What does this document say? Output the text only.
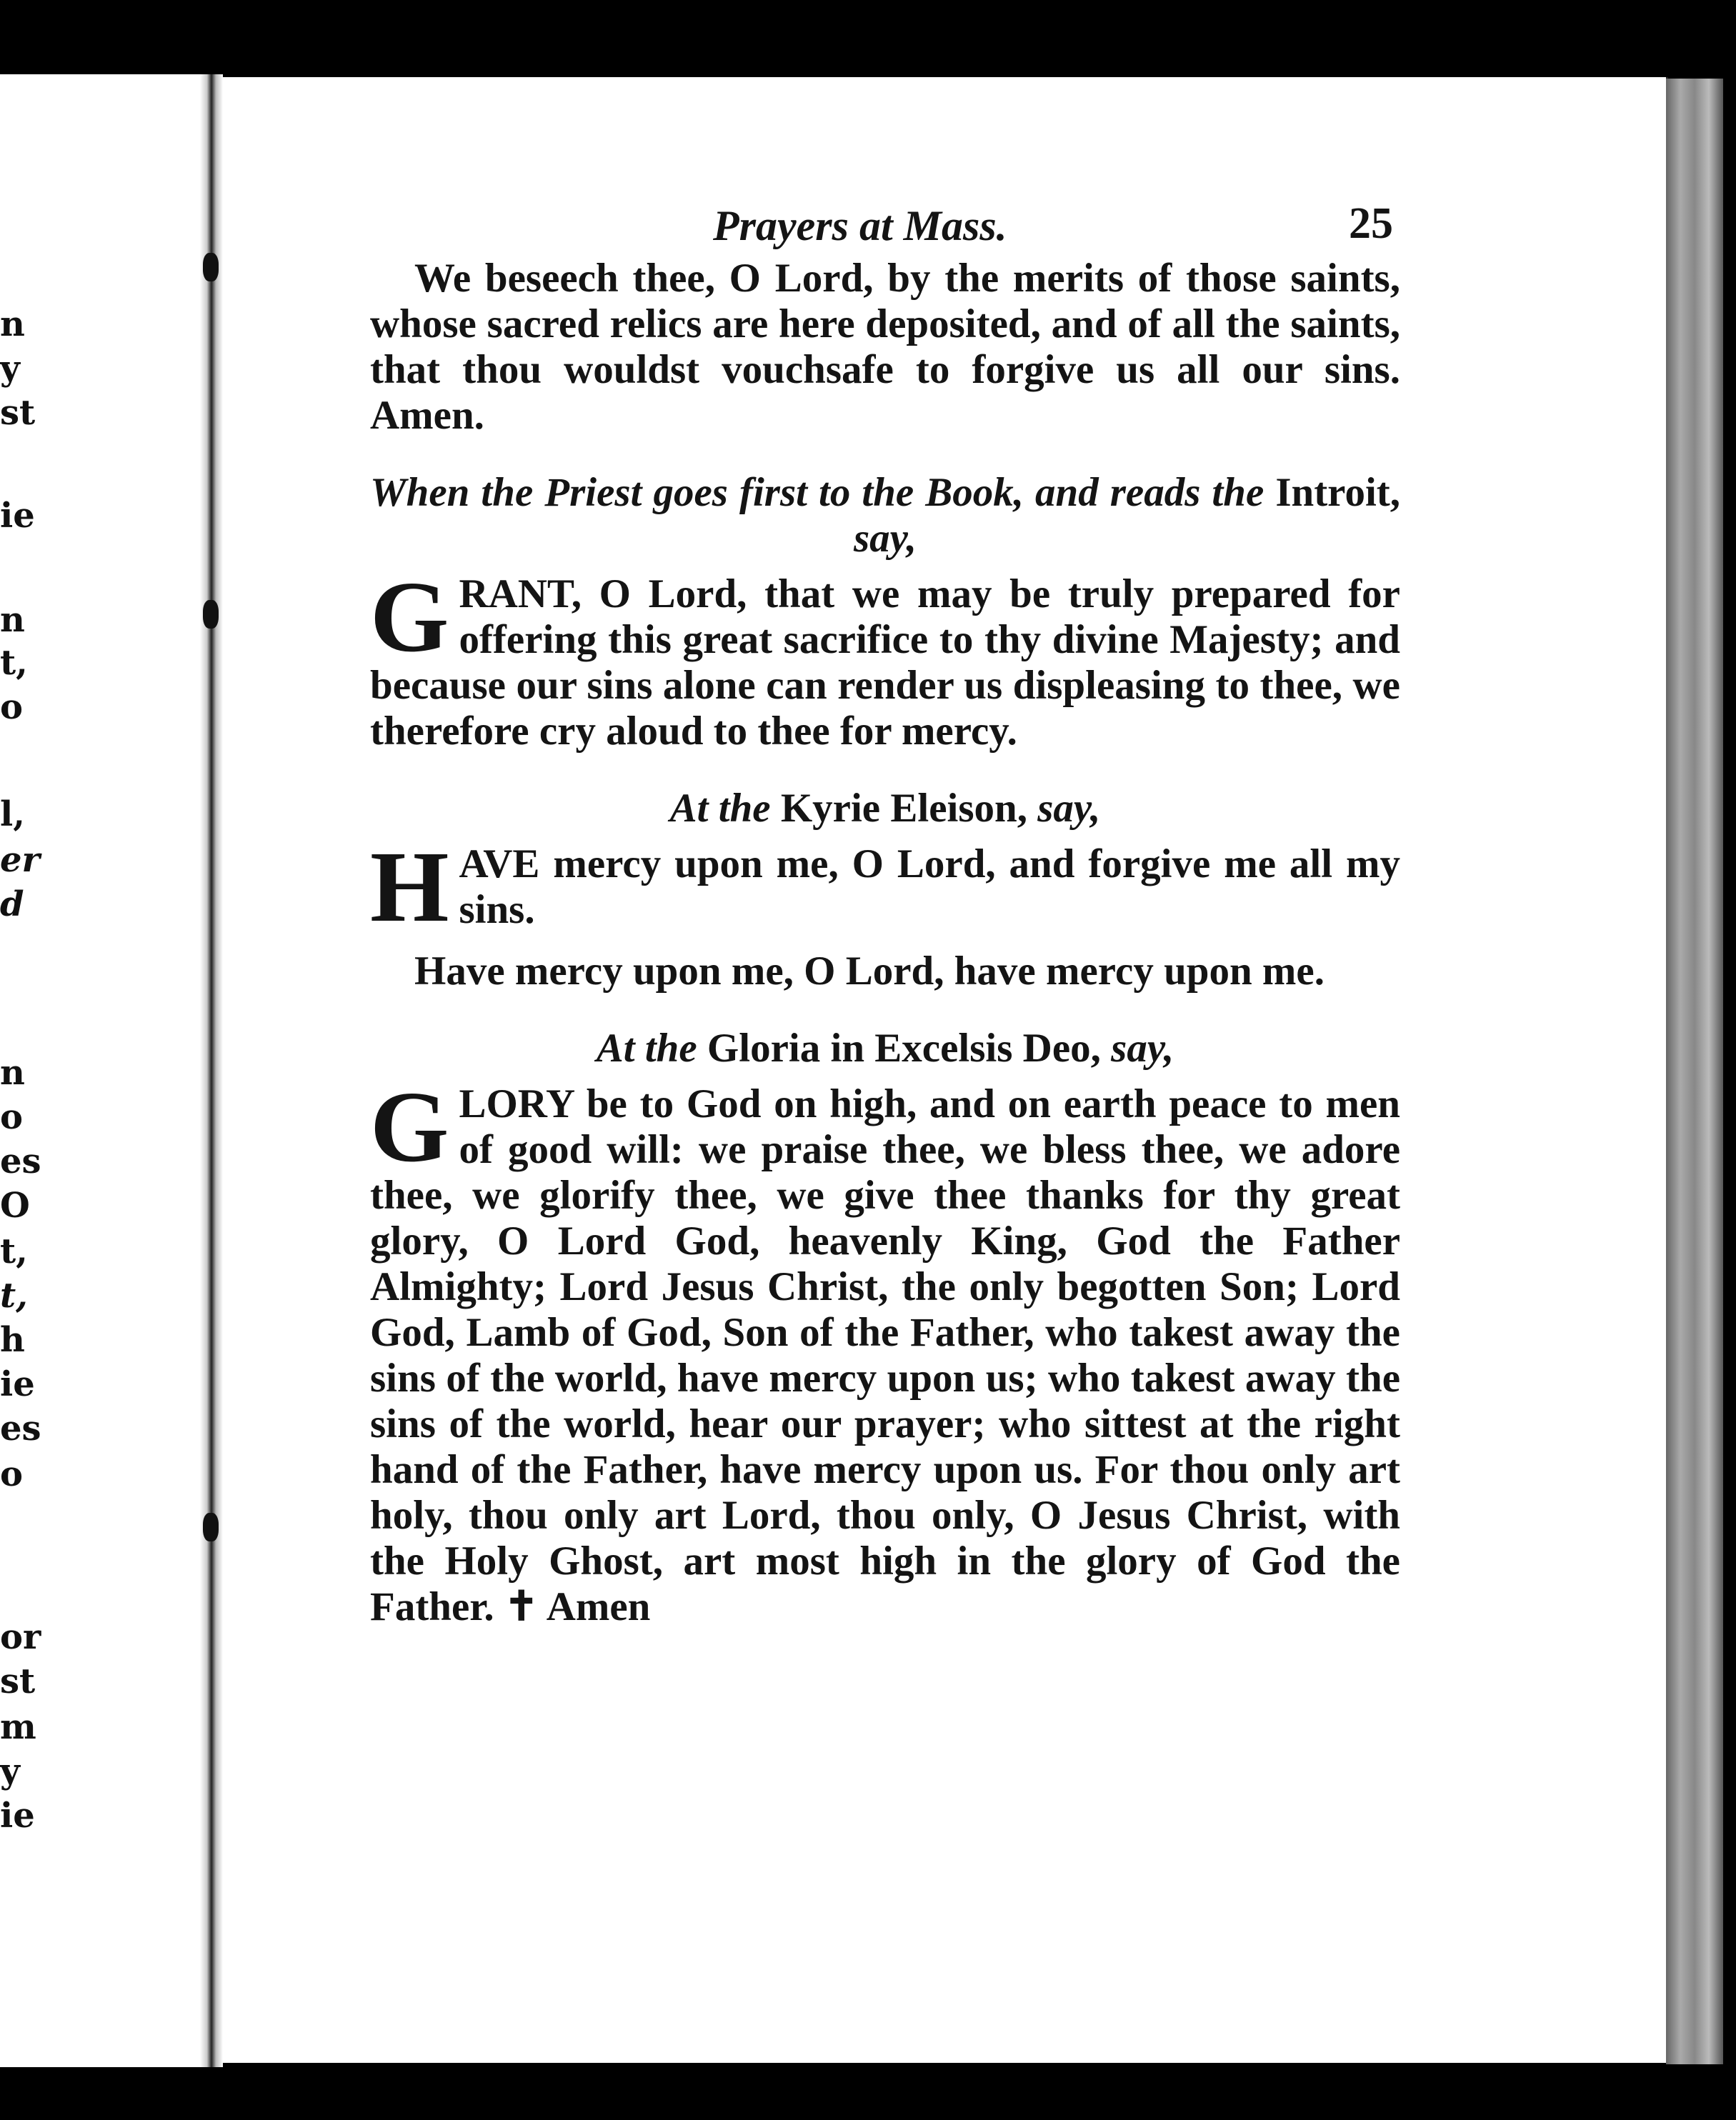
n
y
st
ie
n
t,
o
l,
er
d
n
o
es
O
t,
t,
h
ie
es
o
or
st
m
y
ie
Prayers at Mass.	25

We beseech thee, O Lord, by the merits of those saints, whose sacred relics are here deposited, and of all the saints, that thou wouldst vouchsafe to forgive us all our sins. Amen.

When the Priest goes first to the Book, and reads the Introit, say,

GRANT, O Lord, that we may be truly prepared for offering this great sacrifice to thy divine Majesty; and because our sins alone can render us displeasing to thee, we therefore cry aloud to thee for mercy.

At the Kyrie Eleison, say,

HAVE mercy upon me, O Lord, and forgive me all my sins.

Have mercy upon me, O Lord, have mercy upon me.

At the Gloria in Excelsis Deo, say,

GLORY be to God on high, and on earth peace to men of good will: we praise thee, we bless thee, we adore thee, we glorify thee, we give thee thanks for thy great glory, O Lord God, heavenly King, God the Father Almighty; Lord Jesus Christ, the only begotten Son; Lord God, Lamb of God, Son of the Father, who takest away the sins of the world, have mercy upon us; who takest away the sins of the world, hear our prayer; who sittest at the right hand of the Father, have mercy upon us. For thou only art holy, thou only art Lord, thou only, O Jesus Christ, with the Holy Ghost, art most high in the glory of God the Father. ✝ Amen
